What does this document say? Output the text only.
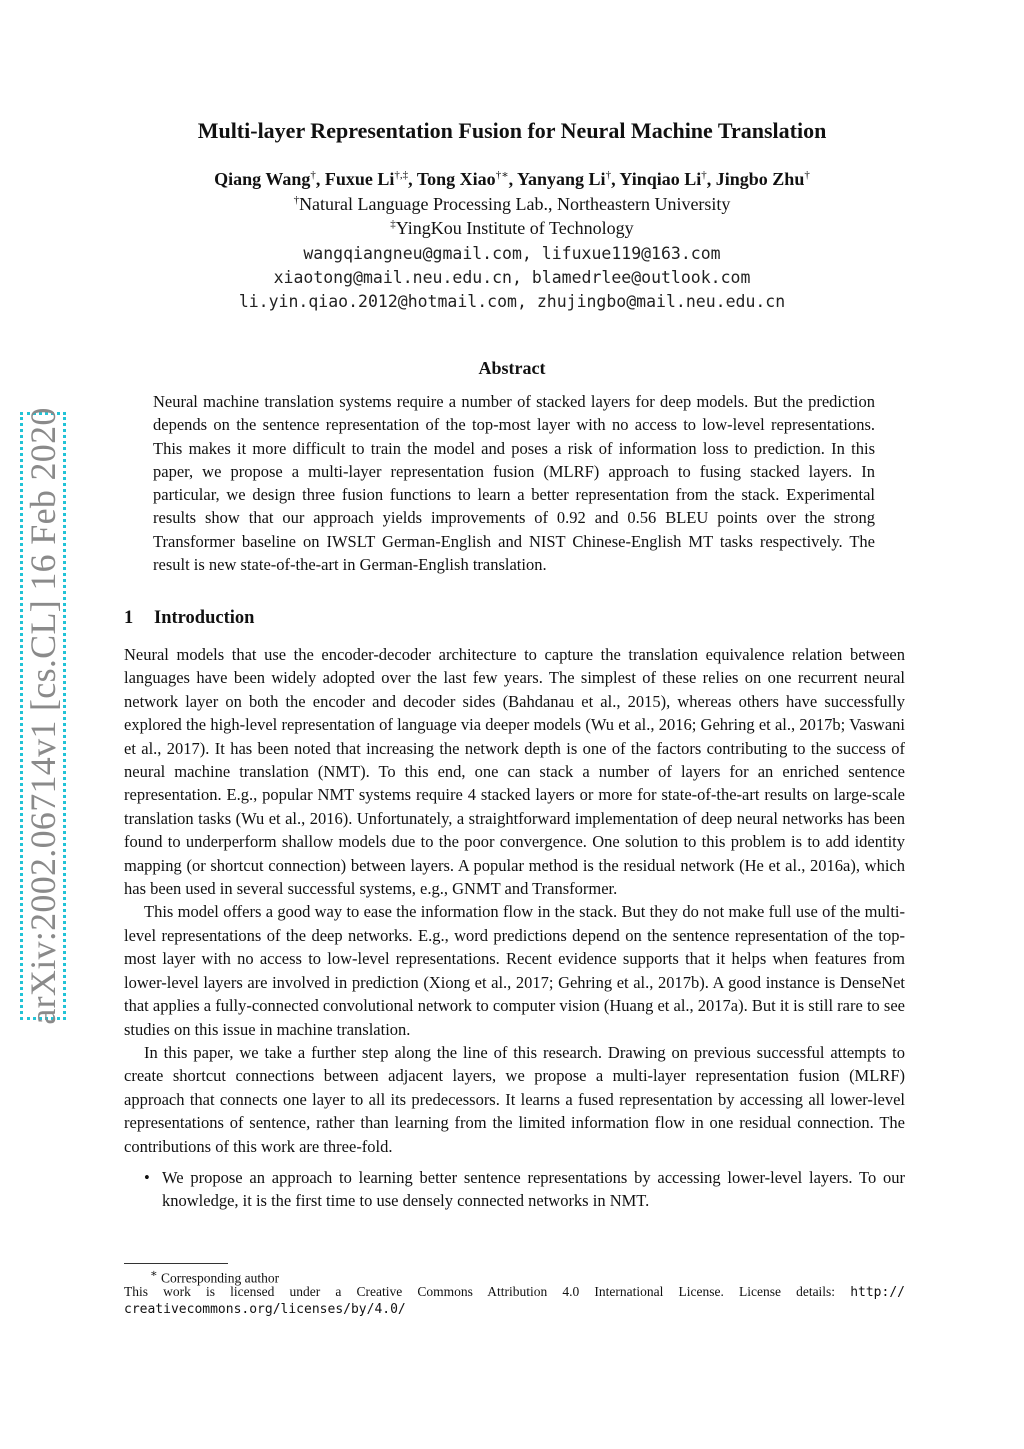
arXiv:2002.06714v1 [cs.CL] 16 Feb 2020
Multi-layer Representation Fusion for Neural Machine Translation
Qiang Wang†, Fuxue Li†,‡, Tong Xiao†∗, Yanyang Li†, Yinqiao Li†, Jingbo Zhu†
†Natural Language Processing Lab., Northeastern University
‡YingKou Institute of Technology
wangqiangneu@gmail.com, lifuxue119@163.com
xiaotong@mail.neu.edu.cn, blamedrlee@outlook.com
li.yin.qiao.2012@hotmail.com, zhujingbo@mail.neu.edu.cn
Abstract

Neural machine translation systems require a number of stacked layers for deep models. But the prediction depends on the sentence representation of the top-most layer with no access to low-level representations. This makes it more difficult to train the model and poses a risk of information loss to prediction. In this paper, we propose a multi-layer representation fusion (MLRF) approach to fusing stacked layers. In particular, we design three fusion functions to learn a better representation from the stack. Experimental results show that our approach yields improvements of 0.92 and 0.56 BLEU points over the strong Transformer baseline on IWSLT German-English and NIST Chinese-English MT tasks respectively. The result is new state-of-the-art in German-English translation.

1 Introduction

Neural models that use the encoder-decoder architecture to capture the translation equivalence relation between languages have been widely adopted over the last few years. The simplest of these relies on one recurrent neural network layer on both the encoder and decoder sides (Bahdanau et al., 2015), whereas others have successfully explored the high-level representation of language via deeper models (Wu et al., 2016; Gehring et al., 2017b; Vaswani et al., 2017). It has been noted that increasing the network depth is one of the factors contributing to the success of neural machine translation (NMT). To this end, one can stack a number of layers for an enriched sentence representation. E.g., popular NMT systems require 4 stacked layers or more for state-of-the-art results on large-scale translation tasks (Wu et al., 2016). Unfortunately, a straightforward implementation of deep neural networks has been found to underperform shallow models due to the poor convergence. One solution to this problem is to add identity mapping (or shortcut connection) between layers. A popular method is the residual network (He et al., 2016a), which has been used in several successful systems, e.g., GNMT and Transformer.

This model offers a good way to ease the information flow in the stack. But they do not make full use of the multi-level representations of the deep networks. E.g., word predictions depend on the sentence representation of the top-most layer with no access to low-level representations. Recent evidence supports that it helps when features from lower-level layers are involved in prediction (Xiong et al., 2017; Gehring et al., 2017b). A good instance is DenseNet that applies a fully-connected convolutional network to computer vision (Huang et al., 2017a). But it is still rare to see studies on this issue in machine translation.

In this paper, we take a further step along the line of this research. Drawing on previous successful attempts to create shortcut connections between adjacent layers, we propose a multi-layer representation fusion (MLRF) approach that connects one layer to all its predecessors. It learns a fused representation by accessing all lower-level representations of sentence, rather than learning from the limited information flow in one residual connection. The contributions of this work are three-fold.

• We propose an approach to learning better sentence representations by accessing lower-level layers. To our knowledge, it is the first time to use densely connected networks in NMT.

∗ Corresponding author

This work is licensed under a Creative Commons Attribution 4.0 International License. License details: http://

creativecommons.org/licenses/by/4.0/
